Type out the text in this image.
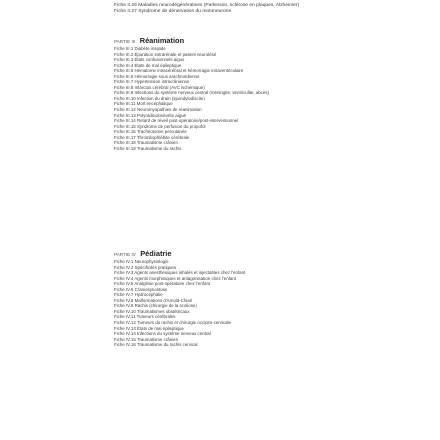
Fiche II.26 Maladies neurodégénératives (Parkinson, sclérose en plaques, Alzheimer)
Fiche II.27 Syndrome de dénervation du motoneurone
PARTIE III Réanimation
Fiche III.1 Diabète insipide
Fiche III.2 Épuration extrarénale et patient neurolésé
Fiche III.3 États confusionnels aigus
Fiche III.4 États de mal épileptique
Fiche III.5 Hématome intracérébral et hémorragie intraventriculaire
Fiche III.6 Hémorragie sous arachnoïdienne
Fiche III.7 Hypertension intracrânienne
Fiche III.8 Infarctus cérébral (AVC ischémique)
Fiche III.9 Infections du système nerveux central (méningite, ventriculite, abcès)
Fiche III.10 Infection du drain (spondylodiscite)
Fiche III.11 Mort encéphalique
Fiche III.12 Neuromyopathies de réanimation
Fiche III.13 Polyradiculonévrite aiguë
Fiche III.14 Retard de réveil post-opératoire/post-interventionnel
Fiche III.15 Syndrome de perfusion du propofol
Fiche III.16 Trachéotomie percutanée
Fiche III.17 Thrombophlébite cérébrale
Fiche III.18 Traumatisme crânien
Fiche III.19 Traumatisme du rachis
PARTIE IV Pédiatrie
Fiche IV.1 Neurophysiologie
Fiche IV.2 Spécificités pratiques
Fiche IV.3 Agents anesthésiques inhalés et injectables chez l'enfant
Fiche IV.4 Agents morphiniques et antagonisation chez l'enfant
Fiche IV.5 Analgésie post-opératoire chez l'enfant
Fiche IV.6 Craniosynostose
Fiche IV.7 Hydrocéphalie
Fiche IV.8 Malformations d'Arnold-Chiari
Fiche IV.9 Rachis (chirurgie de la scoliose)
Fiche IV.10 Traumatismes obstétricaux
Fiche IV.11 Tumeurs cérébrales
Fiche IV.12 Tumeurs du rachis et chirurgie occipito-cervicale
Fiche IV.13 États de mal épileptique
Fiche IV.14 Infections du système nerveux central
Fiche IV.15 Traumatisme crânien
Fiche IV.16 Traumatisme du rachis cervical
